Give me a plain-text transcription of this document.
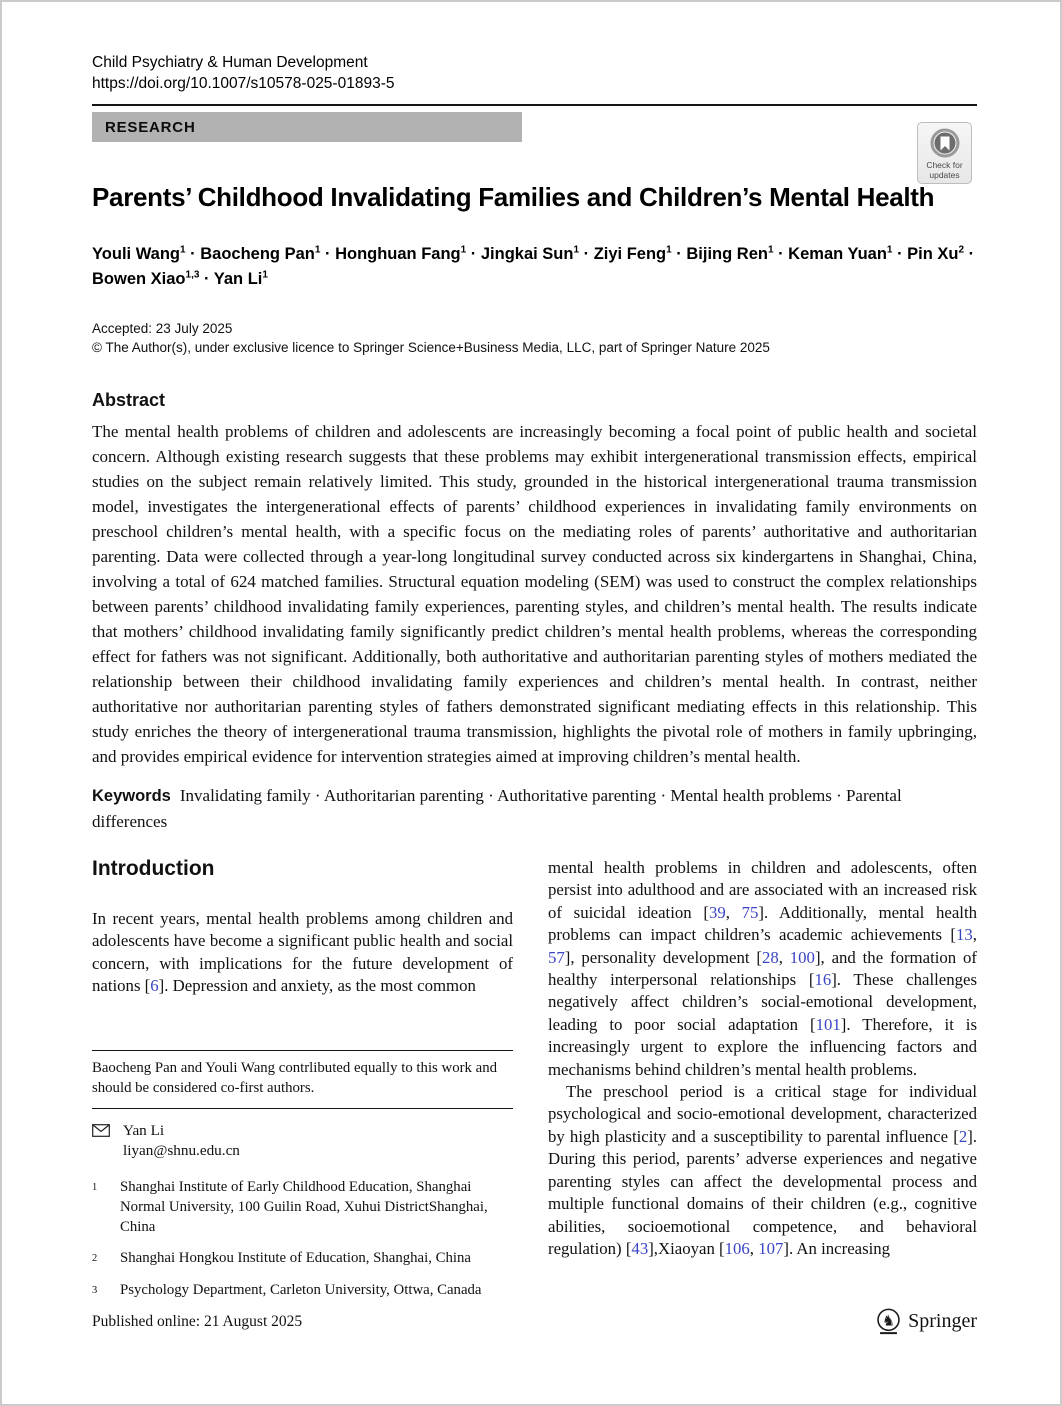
Child Psychiatry & Human Development
https://doi.org/10.1007/s10578-025-01893-5
RESEARCH
Check for
updates
Parents’ Childhood Invalidating Families and Children’s Mental Health
Youli Wang$^1$ · Baocheng Pan$^1$ · Honghuan Fang$^1$ · Jingkai Sun$^1$ · Ziyi Feng$^1$ · Bijing Ren$^1$ · Keman Yuan$^1$ · Pin $Xu^2$ ·
Bowen Xiao$^{1,3}$ · Yan Li$^1$
Accepted: 23 July 2025
© The Author(s), under exclusive licence to Springer Science+Business Media, LLC, part of Springer Nature 2025
Abstract

The mental health problems of children and adolescents are increasingly becoming a focal point of public health and societal concern. Although existing research suggests that these problems may exhibit intergenerational transmission effects, empirical studies on the subject remain relatively limited. This study, grounded in the historical intergenerational trauma transmission model, investigates the intergenerational effects of parents’ childhood experiences in invalidating family environments on preschool children’s mental health, with a specific focus on the mediating roles of parents’ authoritative and authoritarian parenting. Data were collected through a year-long longitudinal survey conducted across six kindergartens in Shanghai, China, involving a total of 624 matched families. Structural equation modeling (SEM) was used to construct the complex relationships between parents’ childhood invalidating family experiences, parenting styles, and children’s mental health. The results indicate that mothers’ childhood invalidating family significantly predict children’s mental health problems, whereas the corresponding effect for fathers was not significant. Additionally, both authoritative and authoritarian parenting styles of mothers mediated the relationship between their childhood invalidating family experiences and children’s mental health. In contrast, neither authoritative nor authoritarian parenting styles of fathers demonstrated significant mediating effects in this relationship. This study enriches the theory of intergenerational trauma transmission, highlights the pivotal role of mothers in family upbringing, and provides empirical evidence for intervention strategies aimed at improving children’s mental health.

Keywords Invalidating family · Authoritarian parenting · Authoritative parenting · Mental health problems · Parental differences

Introduction

In recent years, mental health problems among children and adolescents have become a significant public health and social concern, with implications for the future development of nations [6]. Depression and anxiety, as the most common

mental health problems in children and adolescents, often persist into adulthood and are associated with an increased risk of suicidal ideation [39, 75]. Additionally, mental health problems can impact children’s academic achievements [13, 57], personality development [28, 100], and the formation of healthy interpersonal relationships [16]. These challenges negatively affect children’s social-emotional development, leading to poor social adaptation [101]. Therefore, it is increasingly urgent to explore the influencing factors and mechanisms behind children’s mental health problems.

The preschool period is a critical stage for individual psychological and socio-emotional development, characterized by high plasticity and a susceptibility to parental influence [2]. During this period, parents’ adverse experiences and negative parenting styles can affect the developmental process and multiple functional domains of their children (e.g., cognitive abilities, socioemotional competence, and behavioral regulation) [43],Xiaoyan [106, 107]. An increasing

Baocheng Pan and Youli Wang contrlibuted equally to this work and should be considered co-first authors.
Yan Li
liyan@shnu.edu.cn
1	Shanghai Institute of Early Childhood Education, Shanghai Normal University, 100 Guilin Road, Xuhui DistrictShanghai, China
2	Shanghai Hongkou Institute of Education, Shanghai, China
3	Psychology Department, Carleton University, Ottwa, Canada
Published online: 21 August 2025	♞ Springer
